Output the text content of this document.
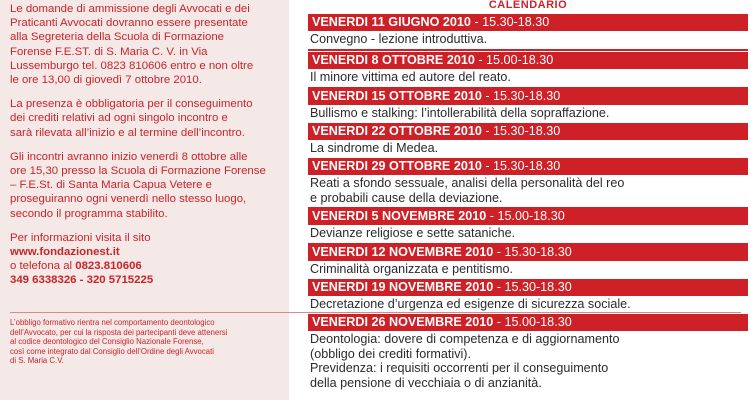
Le domande di ammissione degli Avvocati e dei
Praticanti Avvocati dovranno essere presentate
alla Segreteria della Scuola di Formazione
Forense F.E.ST. di S. Maria C. V. in Via
Lussemburgo tel. 0823 810606 entro e non oltre
le ore 13,00 di giovedì 7 ottobre 2010.
La presenza è obbligatoria per il conseguimento
dei crediti relativi ad ogni singolo incontro e
sarà rilevata all’inizio e al termine dell’incontro.
Gli incontri avranno inizio venerdì 8 ottobre alle
ore 15,30 presso la Scuola di Formazione Forense
– F.E.St. di Santa Maria Capua Vetere e
proseguiranno ogni venerdì nello stesso luogo,
secondo il programma stabilito.
Per informazioni visita il sito
www.fondazionest.it
o telefona al 0823.810606
349 6338326 - 320 5715225
L’obbligo formativo rientra nel comportamento deontologico
dell’Avvocato, per cui la risposta dei partecipanti deve attenersi
al codice deontologico del Consiglio Nazionale Forense,
così come integrato dal Consiglio dell’Ordine degli Avvocati
di S. Maria C.V.
CALENDARIO
VENERDI 11 GIUGNO 2010 - 15.30-18.30
Convegno - lezione introduttiva.
VENERDI 8 OTTOBRE 2010 - 15.00-18.30
Il minore vittima ed autore del reato.
VENERDI 15 OTTOBRE 2010 - 15.30-18.30
Bullismo e stalking: l’intollerabilità della sopraffazione.
VENERDI 22 OTTOBRE 2010 - 15.30-18.30
La sindrome di Medea.
VENERDI 29 OTTOBRE 2010 - 15.30-18.30
Reati a sfondo sessuale, analisi della personalità del reo
e probabili cause della deviazione.
VENERDI 5 NOVEMBRE 2010 - 15.00-18.30
Devianze religiose e sette sataniche.
VENERDI 12 NOVEMBRE 2010 - 15.30-18.30
Criminalità organizzata e pentitismo.
VENERDI 19 NOVEMBRE 2010 - 15.30-18.30
Decretazione d’urgenza ed esigenze di sicurezza sociale.
VENERDI 26 NOVEMBRE 2010 - 15.00-18.30
Deontologia: dovere di competenza e di aggiornamento
(obbligo dei crediti formativi).
Previdenza: i requisiti occorrenti per il conseguimento
della pensione di vecchiaia o di anzianità.
